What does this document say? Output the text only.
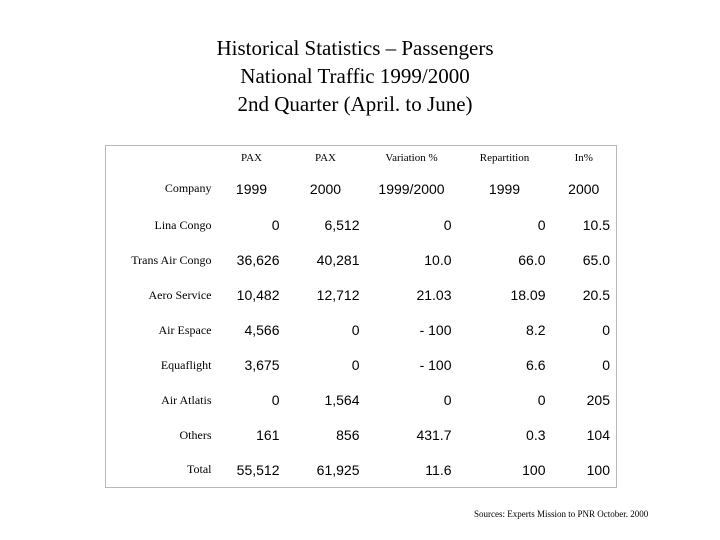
Historical Statistics – Passengers
National Traffic 1999/2000
2nd Quarter (April. to June)
	PAX	PAX	Variation %	Repartition	In%
Company	1999	2000	1999/2000	1999	2000
Lina Congo	0	6,512	0	0	10.5
Trans Air Congo	36,626	40,281	10.0	66.0	65.0
Aero Service	10,482	12,712	21.03	18.09	20.5
Air Espace	4,566	0	- 100	8.2	0
Equaflight	3,675	0	- 100	6.6	0
Air Atlatis	0	1,564	0	0	205
Others	161	856	431.7	0.3	104
Total	55,512	61,925	11.6	100	100
Sources: Experts Mission to PNR October. 2000
